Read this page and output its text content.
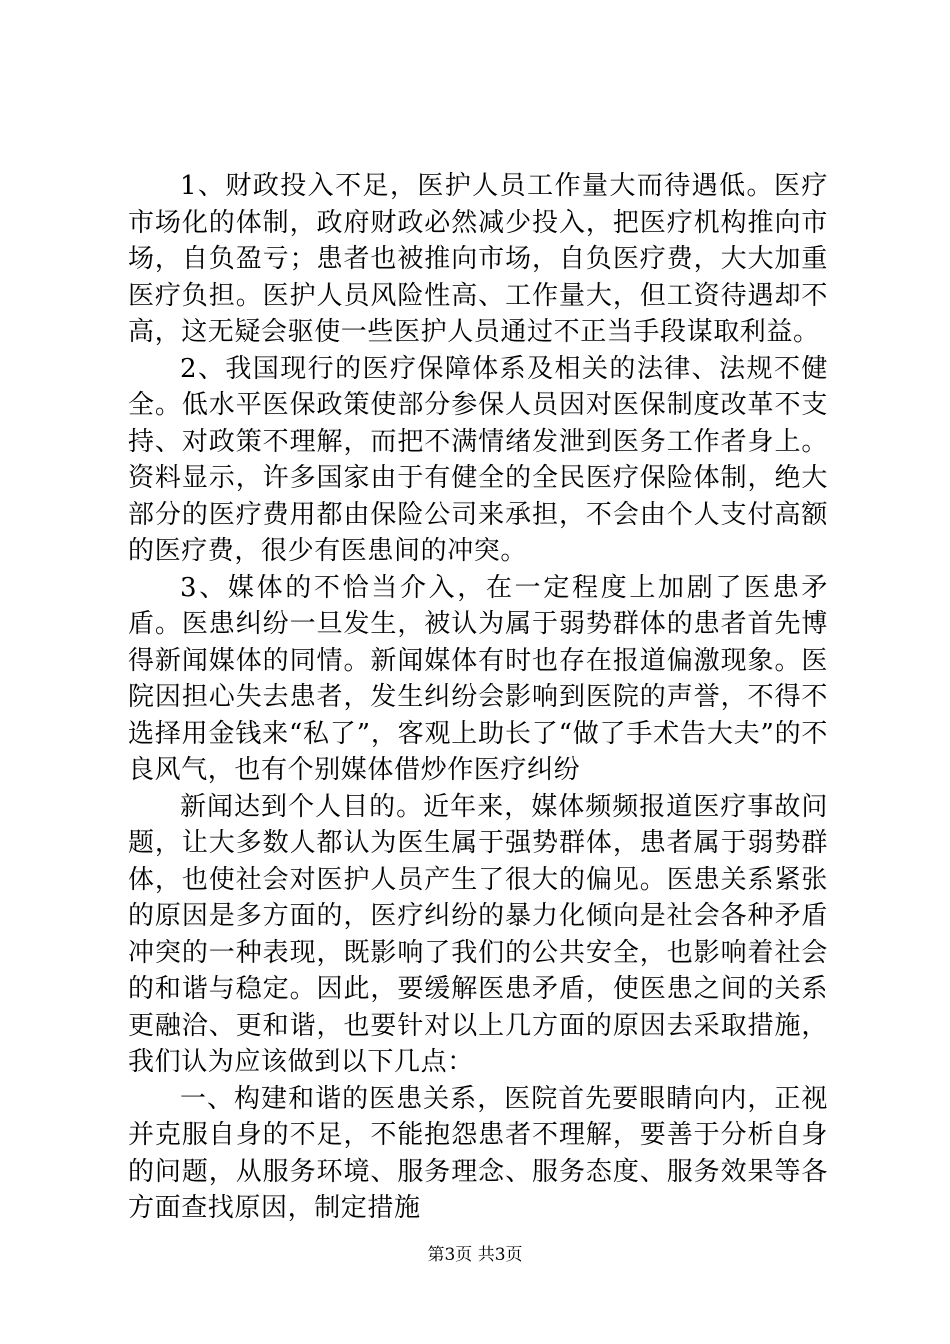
1、财政投入不足，医护人员工作量大而待遇低。医疗市场化的体制，政府财政必然减少投入，把医疗机构推向市场，自负盈亏；患者也被推向市场，自负医疗费，大大加重医疗负担。医护人员风险性高、工作量大，但工资待遇却不高，这无疑会驱使一些医护人员通过不正当手段谋取利益。

2、我国现行的医疗保障体系及相关的法律、法规不健全。低水平医保政策使部分参保人员因对医保制度改革不支持、对政策不理解，而把不满情绪发泄到医务工作者身上。资料显示，许多国家由于有健全的全民医疗保险体制，绝大部分的医疗费用都由保险公司来承担，不会由个人支付高额的医疗费，很少有医患间的冲突。

3、媒体的不恰当介入，在一定程度上加剧了医患矛盾。医患纠纷一旦发生，被认为属于弱势群体的患者首先博得新闻媒体的同情。新闻媒体有时也存在报道偏激现象。医院因担心失去患者，发生纠纷会影响到医院的声誉，不得不选择用金钱来“私了”，客观上助长了“做了手术告大夫”的不良风气，也有个别媒体借炒作医疗纠纷

新闻达到个人目的。近年来，媒体频频报道医疗事故问题，让大多数人都认为医生属于强势群体，患者属于弱势群体，也使社会对医护人员产生了很大的偏见。医患关系紧张的原因是多方面的，医疗纠纷的暴力化倾向是社会各种矛盾冲突的一种表现，既影响了我们的公共安全，也影响着社会的和谐与稳定。因此，要缓解医患矛盾，使医患之间的关系更融洽、更和谐，也要针对以上几方面的原因去采取措施，我们认为应该做到以下几点：

一、构建和谐的医患关系，医院首先要眼睛向内，正视并克服自身的不足，不能抱怨患者不理解，要善于分析自身的问题，从服务环境、服务理念、服务态度、服务效果等各方面查找原因，制定措施

第3页 共3页
